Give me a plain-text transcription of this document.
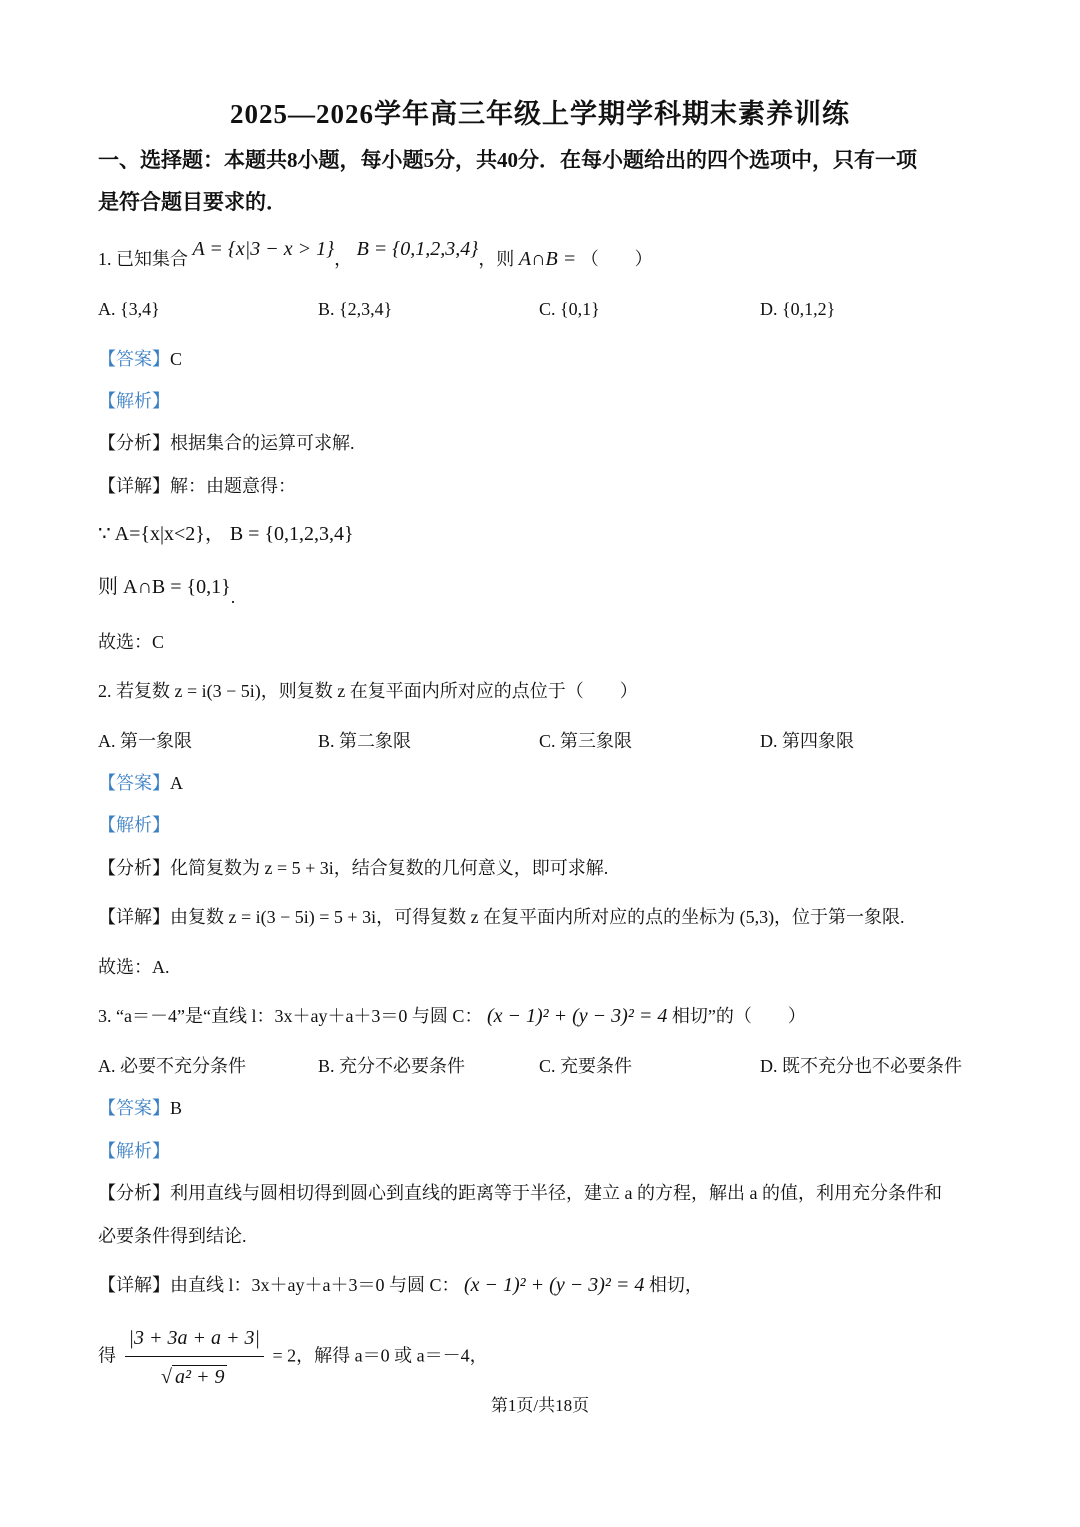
2025—2026学年高三年级上学期学科期末素养训练
一、选择题：本题共8小题，每小题5分，共40分．在每小题给出的四个选项中，只有一项
是符合题目要求的．
1. 已知集合 A = {x|3 − x > 1}， B = {0,1,2,3,4}，则 A∩B = （　　）
A. {3,4}	B. {2,3,4}	C. {0,1}	D. {0,1,2}
【答案】C
【解析】
【分析】根据集合的运算可求解.
【详解】解：由题意得：
∵ A={x|x<2}， B = {0,1,2,3,4}
则 A∩B = {0,1}.
故选：C
2. 若复数 z = i(3 − 5i)，则复数 z 在复平面内所对应的点位于（　　）
A. 第一象限	B. 第二象限	C. 第三象限	D. 第四象限
【答案】A
【解析】
【分析】化简复数为 z = 5 + 3i，结合复数的几何意义，即可求解.
【详解】由复数 z = i(3 − 5i) = 5 + 3i，可得复数 z 在复平面内所对应的点的坐标为 (5,3)，位于第一象限.
故选：A.
3. “a＝－4”是“直线 l：3x＋ay＋a＋3＝0 与圆 C： (x − 1)² + (y − 3)² = 4 相切”的（　　）
A. 必要不充分条件	B. 充分不必要条件	C. 充要条件	D. 既不充分也不必要条件
【答案】B
【解析】
【分析】利用直线与圆相切得到圆心到直线的距离等于半径，建立 a 的方程，解出 a 的值，利用充分条件和
必要条件得到结论.
【详解】由直线 l：3x＋ay＋a＋3＝0 与圆 C： (x − 1)² + (y − 3)² = 4 相切，
得 $\frac{|3 + 3a + a + 3|}{\text{√ a² + 9}} = 2$，解得 a＝0 或 a＝－4，
第1页/共18页
